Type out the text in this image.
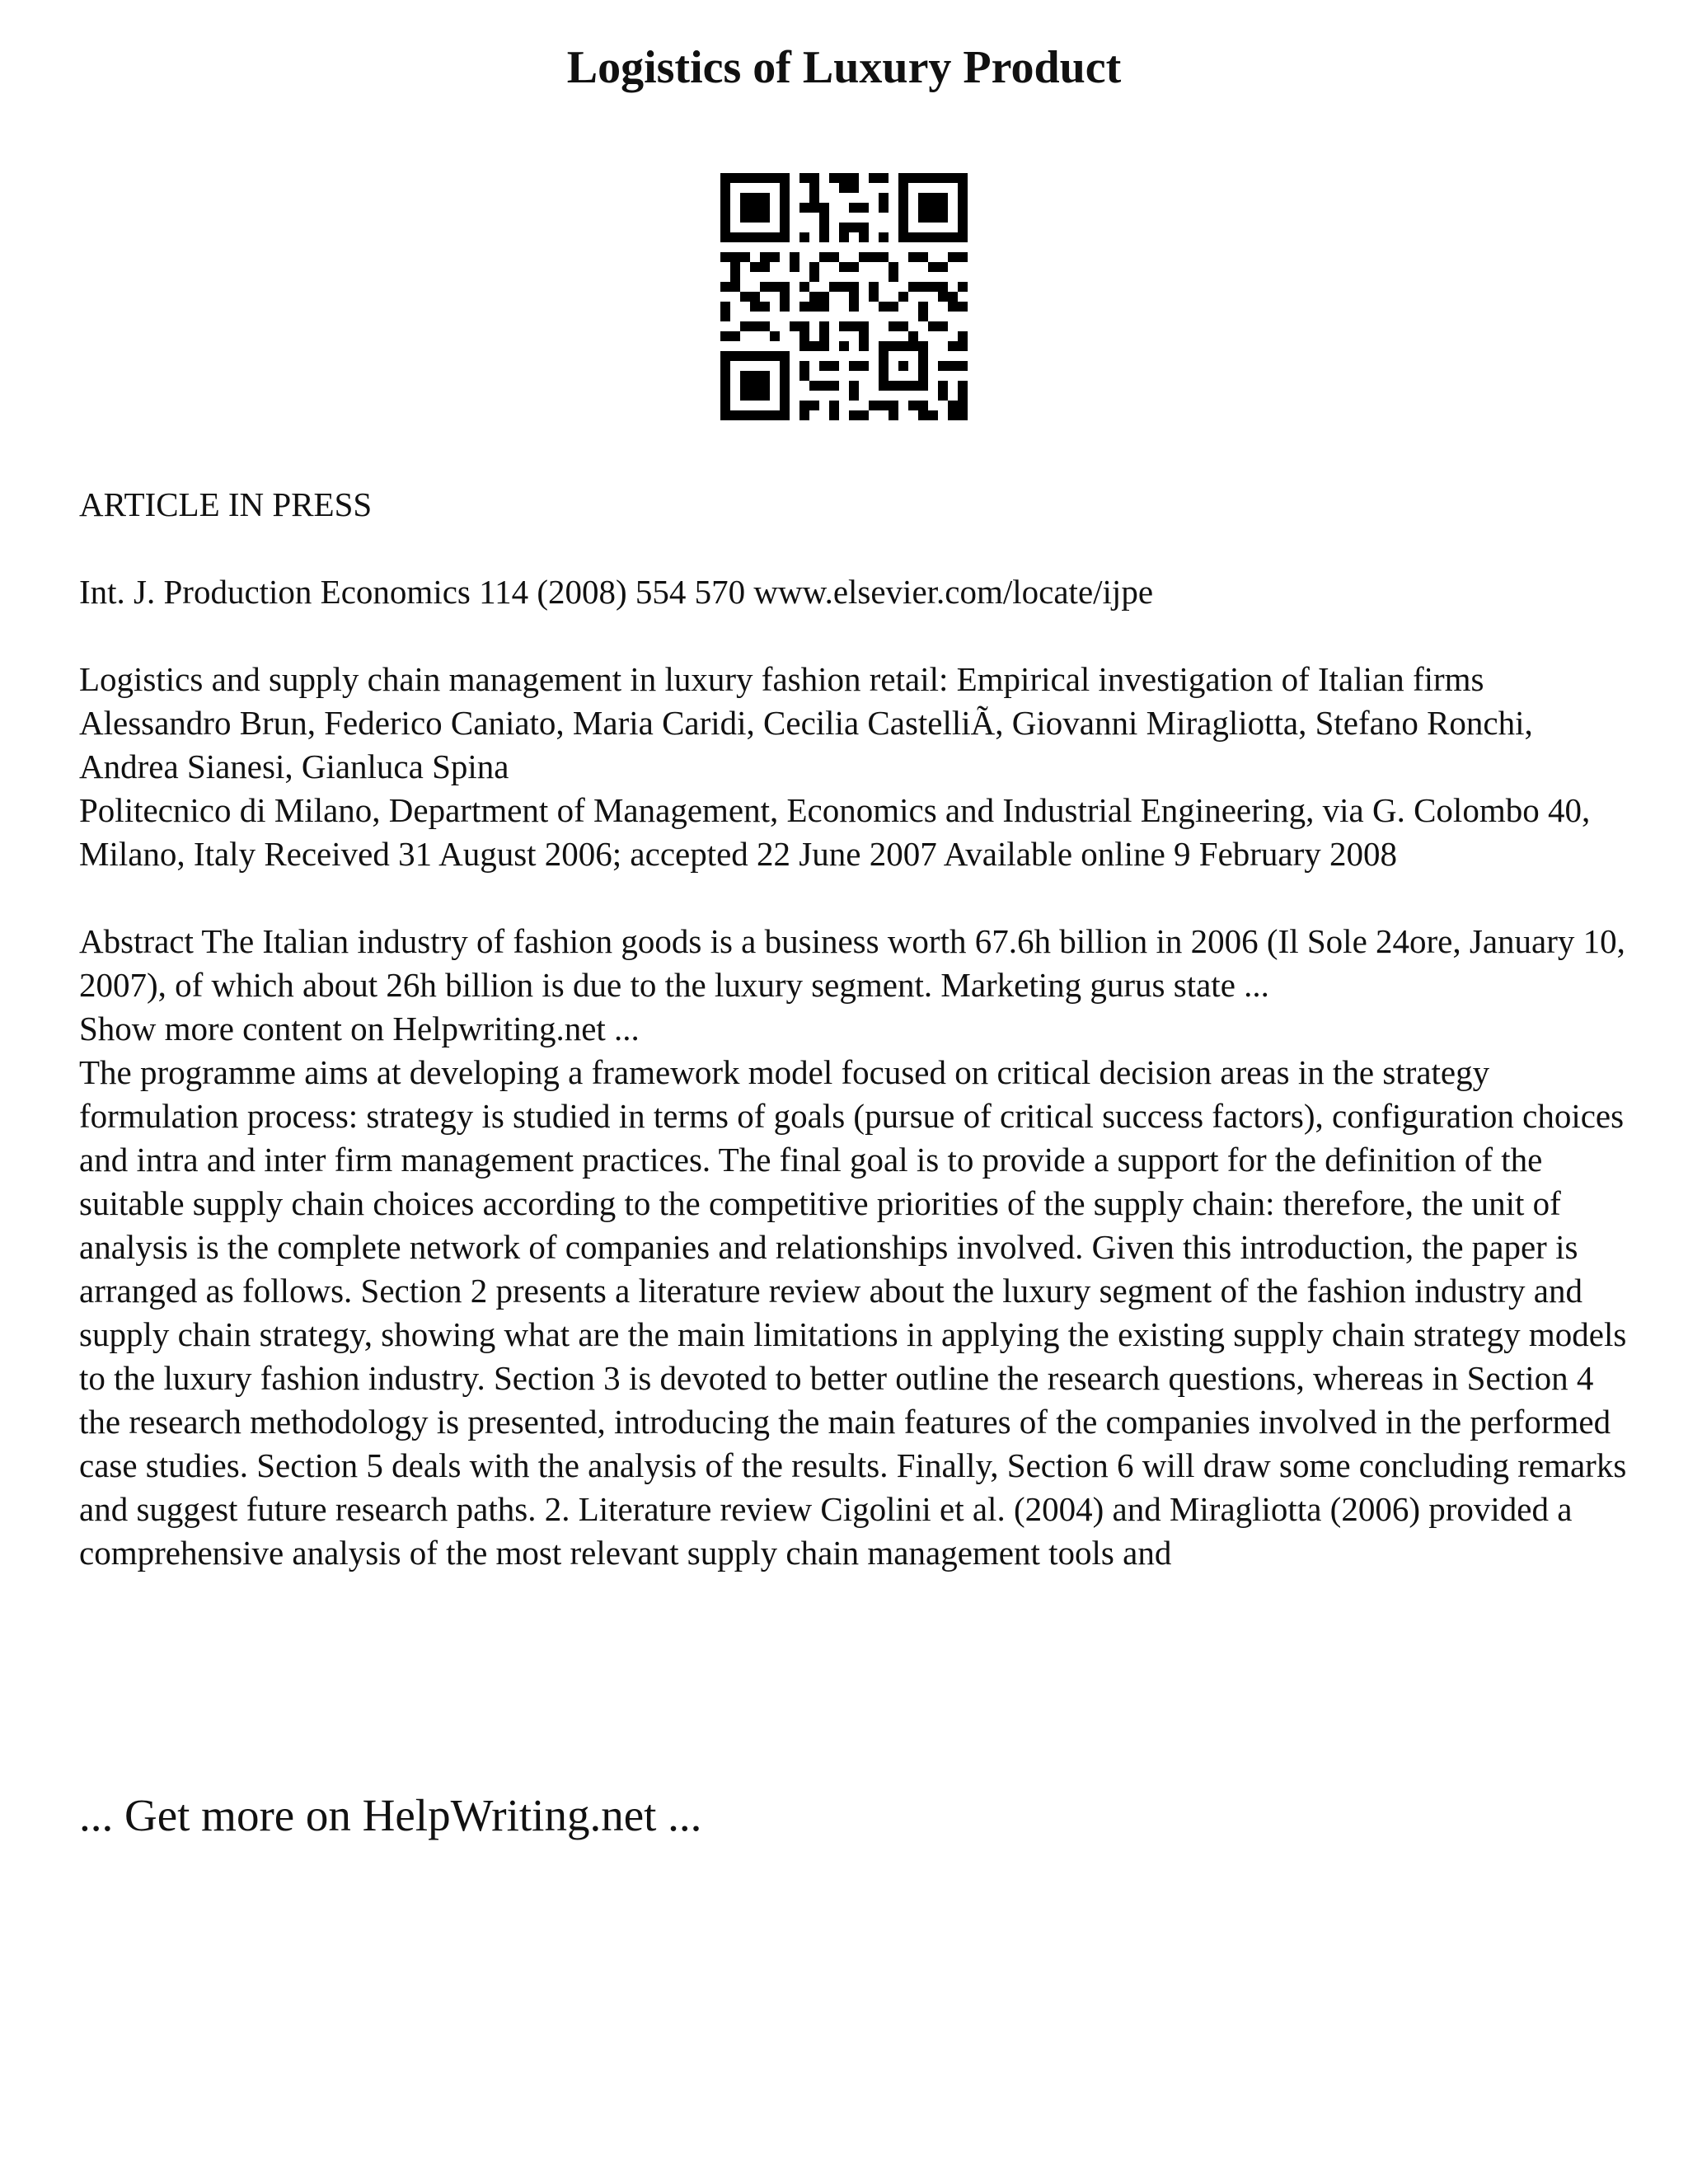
Logistics of Luxury Product

ARTICLE IN PRESS

Int. J. Production Economics 114 (2008) 554 570 www.elsevier.com/locate/ijpe

Logistics and supply chain management in luxury fashion retail: Empirical investigation of Italian firms

Alessandro Brun, Federico Caniato, Maria Caridi, Cecilia CastelliÃ, Giovanni Miragliotta, Stefano Ronchi, Andrea Sianesi, Gianluca Spina

Politecnico di Milano, Department of Management, Economics and Industrial Engineering, via G. Colombo 40, Milano, Italy Received 31 August 2006; accepted 22 June 2007 Available online 9 February 2008

Abstract The Italian industry of fashion goods is a business worth 67.6h billion in 2006 (Il Sole 24ore, January 10, 2007), of which about 26h billion is due to the luxury segment. Marketing gurus state ...

Show more content on Helpwriting.net ...

The programme aims at developing a framework model focused on critical decision areas in the strategy formulation process: strategy is studied in terms of goals (pursue of critical success factors), configuration choices and intra and inter firm management practices. The final goal is to provide a support for the definition of the suitable supply chain choices according to the competitive priorities of the supply chain: therefore, the unit of analysis is the complete network of companies and relationships involved. Given this introduction, the paper is arranged as follows. Section 2 presents a literature review about the luxury segment of the fashion industry and supply chain strategy, showing what are the main limitations in applying the existing supply chain strategy models to the luxury fashion industry. Section 3 is devoted to better outline the research questions, whereas in Section 4 the research methodology is presented, introducing the main features of the companies involved in the performed case studies. Section 5 deals with the analysis of the results. Finally, Section 6 will draw some concluding remarks and suggest future research paths. 2. Literature review Cigolini et al. (2004) and Miragliotta (2006) provided a comprehensive analysis of the most relevant supply chain management tools and

... Get more on HelpWriting.net ...
